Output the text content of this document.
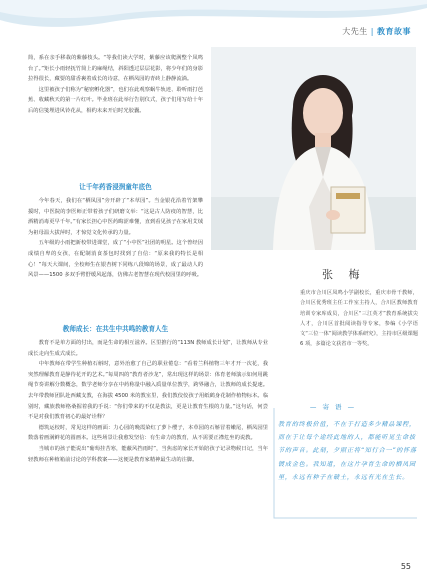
大先生 | 教育故事

简，系在亲手移栽的紫藤枝头。“等我们读大学时，紫藤应该爬满整个凤鸣台了。”矩长小雨轻抚竹简上的麻绳结，斜阳透过层层花影，将少年们的身影拉得很长，藏要的甜香裹着成长的诗意，在栖凤园的青砖上静静流淌。

这里被孩子们称为“秘密孵化器”，也们在此观察蜗牛轨迹、聆听雨打芭蕉、收藏秋天的第一片红叶。毕业班在此举行告别仪式，孩子们用写给十年后的信笺埋进风铃花从，相约未来开启时光胶囊。

让千年药香浸润童年底色

今年春天，我们在“栖凤园”旁开辟了“本草园”。当金银花沿着竹架攀援时，中医院的李医师正带着孩子们研磨文举：“这是古人防疫的智慧，比酒精消毒更早千年。”有家长担心中医药晦涩难懂，直到看见孩子在家用艾绒为祖母温大拔萍时，才惊觉文化传承的力量。

五年级的小雨把新校带进课堂，成了“小中医”社团的明星。这个曾经因成绩自卑的女孩，在配制消食茶包时找到了自信：“原来我的特长是相心！”每天大课间，全校师生在银杏树下同练八段锦的场景，成了最动人的风景——1500 多双手臂舒缓风起落，仿佛古老智慧在现代校园里的呼吸。

教师成长：在共生中共鸣的教育人生

教育不是单方面的付出，而是生命的相互滋养。区里推行的“113N 教师成长计划”，让教师从专业成长走向生成式成长。

中年教师在带学生种植石斛时，意外治愈了自己的职业倦怠：“看着兰科植物三年才开一次花，我突然理解教育是静待花开的艺术。”每周四的“教育者沙龙”，常出现这样的场景：体育老师演示如何用跳绳节奏讲解分数概念，数学老师分享在中药称量中融入质量单位教学，跨界融合，让教师的成长提速。去年带教师团队赴西藏支教，在海拔 4500 米的教室里，我们教佼佼孩子用纸鹤身花制作植物标本。临别时，藏族教师格桑握着我的手说：“你们带来的不仅是教法，更是让教育生根的力量。”这句话，何尝不是对我们教育初心的最好诠释？

德筑运校时，常见这样的画面：力心园的晚霞染红了萝卜缨子，本草园的石斛冒着嫩尾，栖凤园里数落着画满鲜花的圆画本。这些场景让我愈发坚信：有生命力的教育，从不需要正襟危坐的说教。

当城市的孩子能说出“葡萄挂苦寒，能蔽风挡雨时”，当焦虑的家长开始陪孩子记录物候日记，当年轻教师在种植箱前讨论的学科教案——这便是教育家精神最生动的注脚。

张 梅
重庆市合川区凤鸣小学副校长，重庆市骨干教师，合川区优秀班主任工作室主持人，合川区教师教育培训专家库成员，合川区“三江英才”教育系统拔尖人才，合川区首批阅读指导专家，参编《小学语文“三位一体”阅读教学体系研究》，主持市区级课题 6 项，多篇论文获省市一等奖。
— 寄 语 —
教育的终极价值，不在于打造多少精品课程，而在于让每个途经此地的人，都能听见生命拔节的声音。此刻，夕照正将“知行合一”的怀落镀成金色。我知道，在这片孕育生命的栖凤园里，永远有种子在破土，永远有光在生长。
55
